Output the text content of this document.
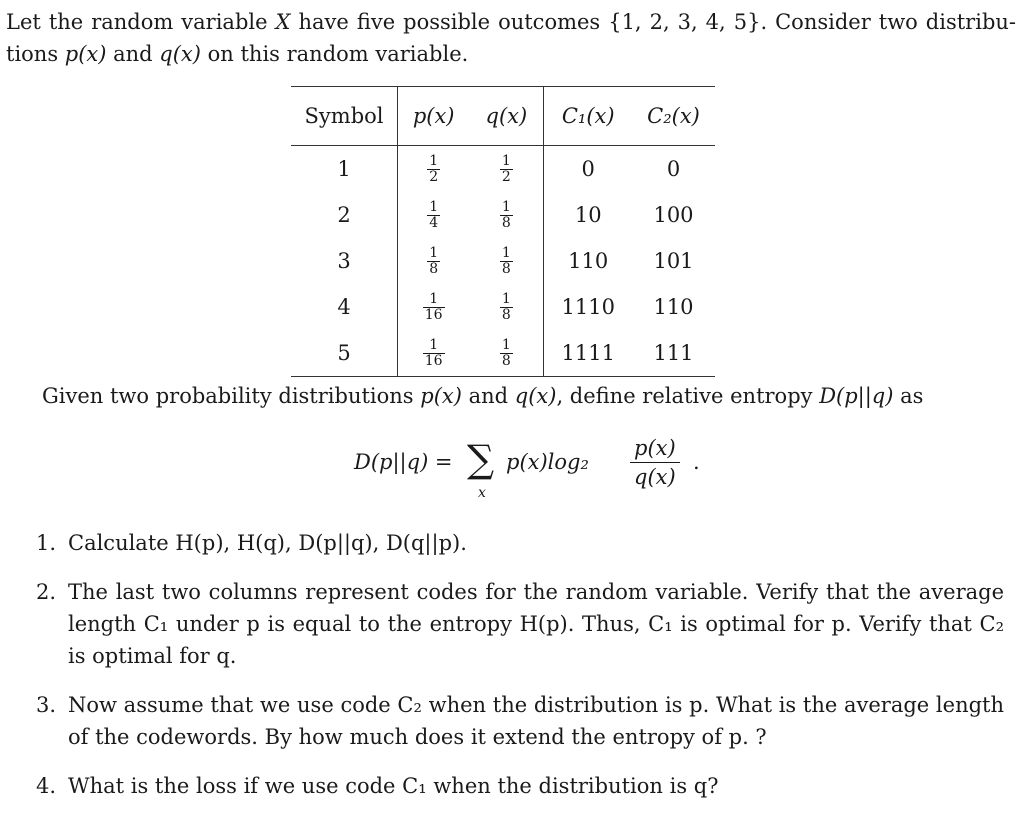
Let the random variable X have five possible outcomes {1, 2, 3, 4, 5}. Consider two distribu-tions p(x) and q(x) on this random variable.

Symbol	p(x)	q(x)	C₁(x)	C₂(x)
1	$\frac{1}{2}$	$\frac{1}{2}$	0	0
2	$\frac{1}{4}$	$\frac{1}{8}$	10	100
3	$\frac{1}{8}$	$\frac{1}{8}$	110	101
4	$\frac{1}{16}$	$\frac{1}{8}$	1110	110
5	$\frac{1}{16}$	$\frac{1}{8}$	1111	111

Given two probability distributions p(x) and q(x), define relative entropy D(p||q) as

D(p||q) = ∑
x
$p(x)\log_2 \frac{p(x)}{q(x)}$ .
1. Calculate H(p), H(q), D(p||q), D(q||p).
2. The last two columns represent codes for the random variable. Verify that the average length C₁ under p is equal to the entropy H(p). Thus, C₁ is optimal for p. Verify that C₂ is optimal for q.
3. Now assume that we use code C₂ when the distribution is p. What is the average length of the codewords. By how much does it extend the entropy of p. ?
4. What is the loss if we use code C₁ when the distribution is q?
